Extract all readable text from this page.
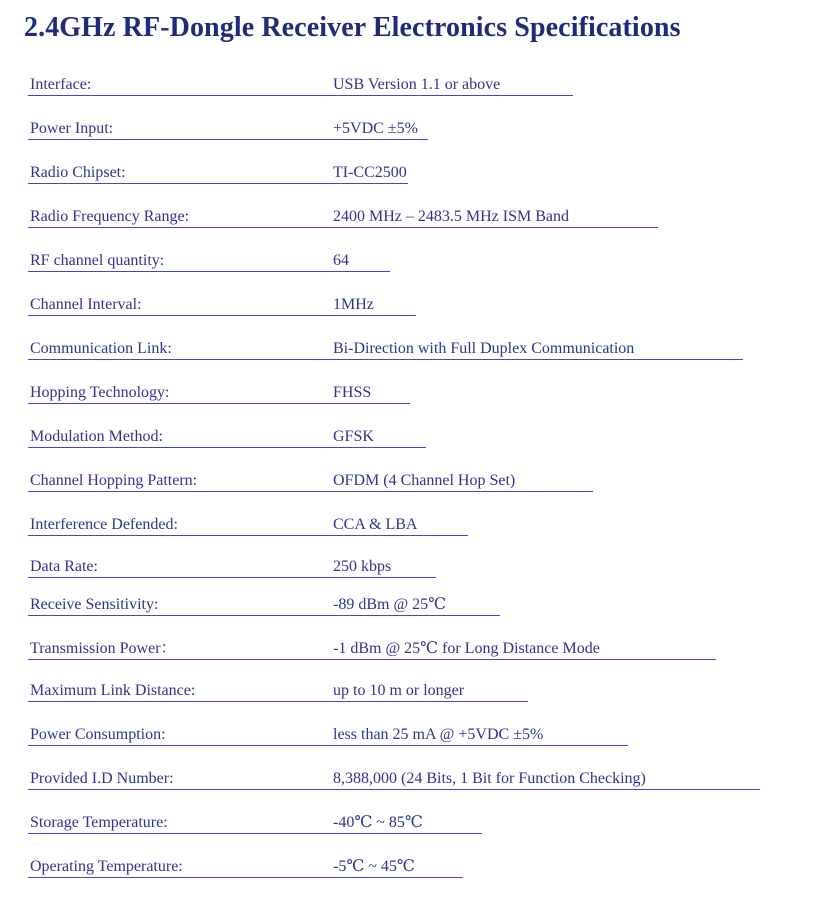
2.4GHz RF-Dongle Receiver Electronics Specifications
Interface:	USB Version 1.1 or above
Power Input:	+5VDC ±5%
Radio Chipset:	TI-CC2500
Radio Frequency Range:	2400 MHz – 2483.5 MHz ISM Band
RF channel quantity:	64
Channel Interval:	1MHz
Communication Link:	Bi-Direction with Full Duplex Communication
Hopping Technology:	FHSS
Modulation Method:	GFSK
Channel Hopping Pattern:	OFDM (4 Channel Hop Set)
Interference Defended:	CCA & LBA
Data Rate:	250 kbps
Receive Sensitivity:	-89 dBm @ 25℃
Transmission Power：	-1 dBm @ 25℃ for Long Distance Mode
Maximum Link Distance:	up to 10 m or longer
Power Consumption:	less than 25 mA @ +5VDC ±5%
Provided I.D Number:	8,388,000 (24 Bits, 1 Bit for Function Checking)
Storage Temperature:	-40℃ ~ 85℃
Operating Temperature:	-5℃ ~ 45℃
